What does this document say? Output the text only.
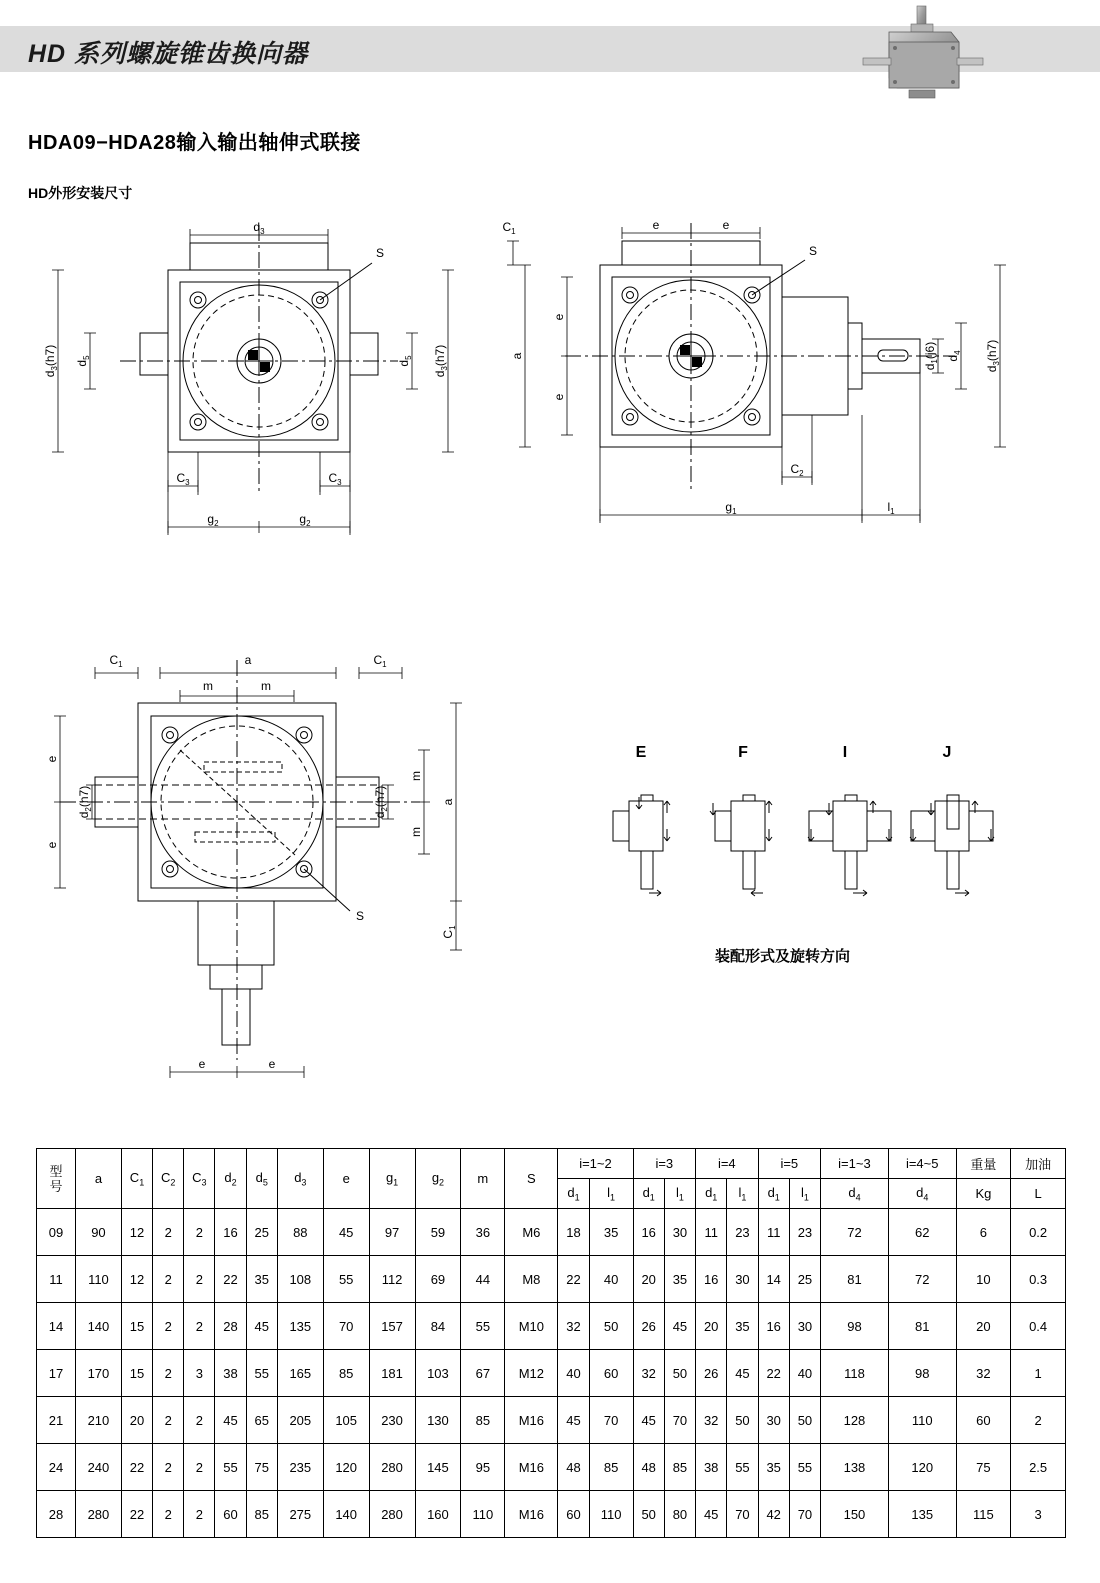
HD 系列螺旋锥齿换向器
HDA09−HDA28输入输出轴伸式联接
HD外形安装尺寸
$d_3$
S
$d_3(h7)$ $d_5$
$d_5$
$d_3(h7)$
$C_3$	$C_3$
$g_2$	$g_2$
$C_1$	e	e
S
a
e
e
$d_1(j6)$ $d_4$
$d_3(h7)$
$C_2$
$g_1$	$l_1$
$C_1$	a	$C_1$
m	m
e
e
$d_2(h7)$
$d_2(h7)$
m
m
a
$C_1$
S
e	e
E	F	I	J
装配形式及旋转方向
型
号	a	$C_1$	$C_2$	$C_3$	$d_2$	$d_5$	$d_3$	e	$g_1$	$g_2$	m	S	i=1~2		i=3		i=4		i=5		i=1~3	i=4~5	重量	加油
													$d_1$	$l_1$	$d_1$	$l_1$	$d_1$	$l_1$	$d_1$	$l_1$	$d_4$	$d_4$	Kg	L
09	90	12	2	2	16	25	88	45	97	59	36	M6	18	35	16	30	11	23	11	23	72	62	6	0.2
11	110	12	2	2	22	35	108	55	112	69	44	M8	22	40	20	35	16	30	14	25	81	72	10	0.3
14	140	15	2	2	28	45	135	70	157	84	55	M10	32	50	26	45	20	35	16	30	98	81	20	0.4
17	170	15	2	3	38	55	165	85	181	103	67	M12	40	60	32	50	26	45	22	40	118	98	32	1
21	210	20	2	2	45	65	205	105	230	130	85	M16	45	70	45	70	32	50	30	50	128	110	60	2
24	240	22	2	2	55	75	235	120	280	145	95	M16	48	85	48	85	38	55	35	55	138	120	75	2.5
28	280	22	2	2	60	85	275	140	280	160	110	M16	60	110	50	80	45	70	42	70	150	135	115	3
